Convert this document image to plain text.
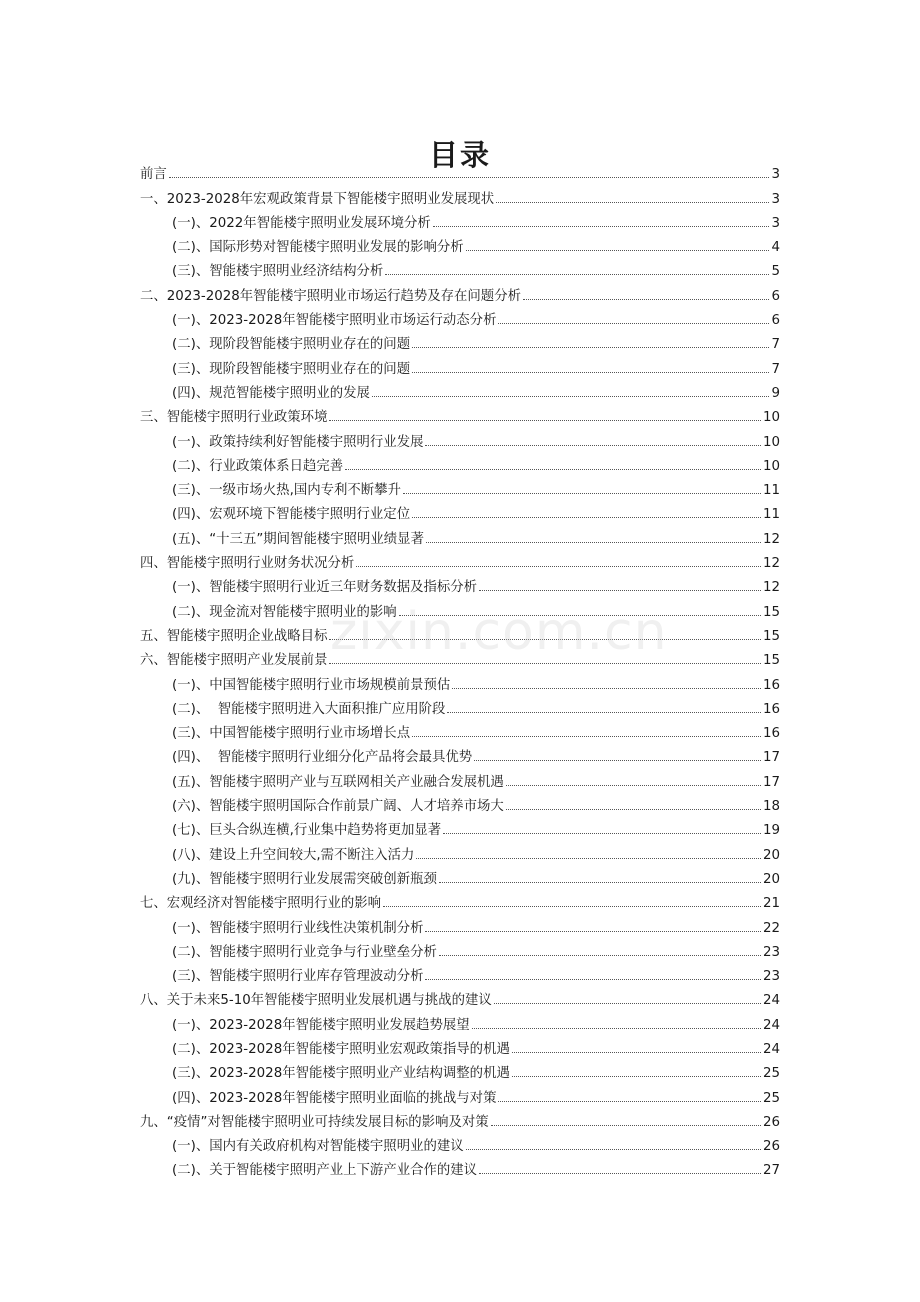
目录
前言	3
一、2023-2028年宏观政策背景下智能楼宇照明业发展现状	3
(一)、2022年智能楼宇照明业发展环境分析	3
(二)、国际形势对智能楼宇照明业发展的影响分析	4
(三)、智能楼宇照明业经济结构分析	5
二、2023-2028年智能楼宇照明业市场运行趋势及存在问题分析	6
(一)、2023-2028年智能楼宇照明业市场运行动态分析	6
(二)、现阶段智能楼宇照明业存在的问题	7
(三)、现阶段智能楼宇照明业存在的问题	7
(四)、规范智能楼宇照明业的发展	9
三、智能楼宇照明行业政策环境	10
(一)、政策持续利好智能楼宇照明行业发展	10
(二)、行业政策体系日趋完善	10
(三)、一级市场火热,国内专利不断攀升	11
(四)、宏观环境下智能楼宇照明行业定位	11
(五)、“十三五”期间智能楼宇照明业绩显著	12
四、智能楼宇照明行业财务状况分析	12
(一)、智能楼宇照明行业近三年财务数据及指标分析	12
(二)、现金流对智能楼宇照明业的影响	15
五、智能楼宇照明企业战略目标	15
六、智能楼宇照明产业发展前景	15
(一)、中国智能楼宇照明行业市场规模前景预估	16
(二)、  智能楼宇照明进入大面积推广应用阶段	16
(三)、中国智能楼宇照明行业市场增长点	16
(四)、  智能楼宇照明行业细分化产品将会最具优势	17
(五)、智能楼宇照明产业与互联网相关产业融合发展机遇	17
(六)、智能楼宇照明国际合作前景广阔、人才培养市场大	18
(七)、巨头合纵连横,行业集中趋势将更加显著	19
(八)、建设上升空间较大,需不断注入活力	20
(九)、智能楼宇照明行业发展需突破创新瓶颈	20
七、宏观经济对智能楼宇照明行业的影响	21
(一)、智能楼宇照明行业线性决策机制分析	22
(二)、智能楼宇照明行业竞争与行业壁垒分析	23
(三)、智能楼宇照明行业库存管理波动分析	23
八、关于未来5-10年智能楼宇照明业发展机遇与挑战的建议	24
(一)、2023-2028年智能楼宇照明业发展趋势展望	24
(二)、2023-2028年智能楼宇照明业宏观政策指导的机遇	24
(三)、2023-2028年智能楼宇照明业产业结构调整的机遇	25
(四)、2023-2028年智能楼宇照明业面临的挑战与对策	25
九、“疫情”对智能楼宇照明业可持续发展目标的影响及对策	26
(一)、国内有关政府机构对智能楼宇照明业的建议	26
(二)、关于智能楼宇照明产业上下游产业合作的建议	27
zixin.com.cn
